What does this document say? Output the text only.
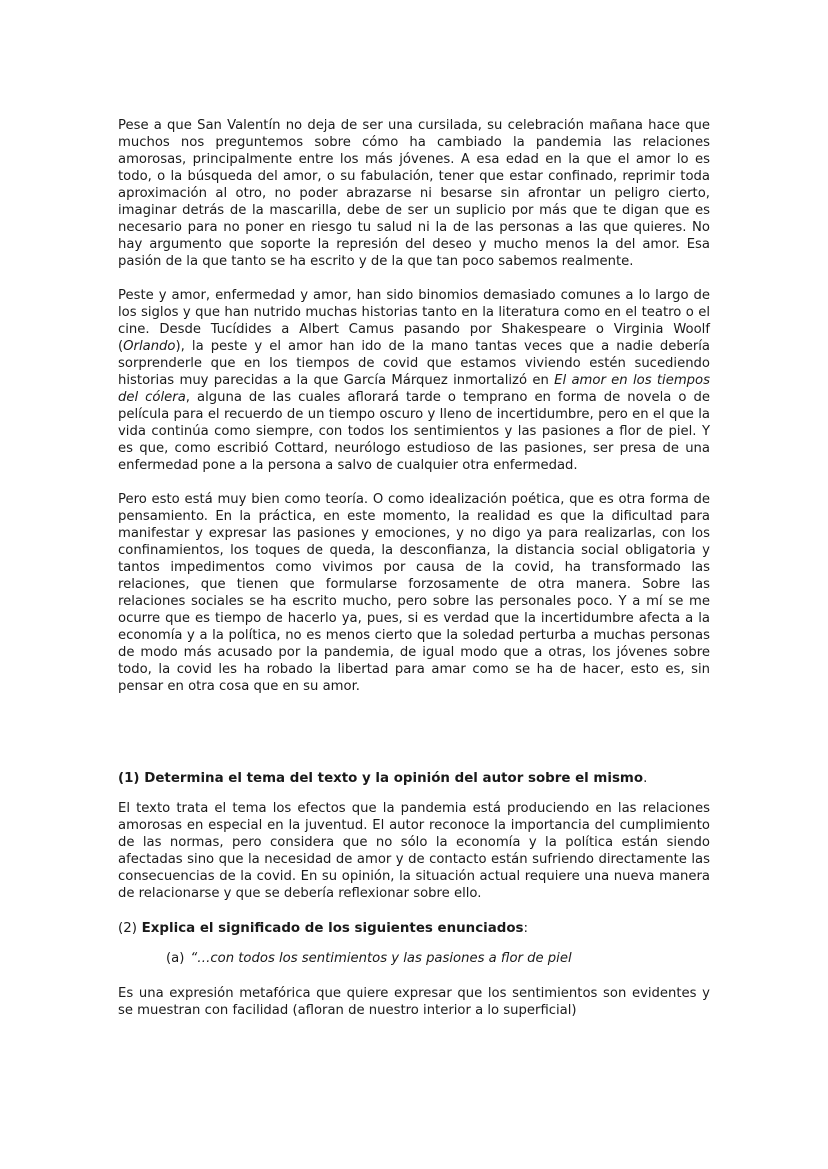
Pese a que San Valentín no deja de ser una cursilada, su celebración mañana hace que muchos nos preguntemos sobre cómo ha cambiado la pandemia las relaciones amorosas, principalmente entre los más jóvenes. A esa edad en la que el amor lo es todo, o la búsqueda del amor, o su fabulación, tener que estar confinado, reprimir toda aproximación al otro, no poder abrazarse ni besarse sin afrontar un peligro cierto, imaginar detrás de la mascarilla, debe de ser un suplicio por más que te digan que es necesario para no poner en riesgo tu salud ni la de las personas a las que quieres. No hay argumento que soporte la represión del deseo y mucho menos la del amor. Esa pasión de la que tanto se ha escrito y de la que tan poco sabemos realmente.

Peste y amor, enfermedad y amor, han sido binomios demasiado comunes a lo largo de los siglos y que han nutrido muchas historias tanto en la literatura como en el teatro o el cine. Desde Tucídides a Albert Camus pasando por Shakespeare o Virginia Woolf (Orlando), la peste y el amor han ido de la mano tantas veces que a nadie debería sorprenderle que en los tiempos de covid que estamos viviendo estén sucediendo historias muy parecidas a la que García Márquez inmortalizó en El amor en los tiempos del cólera, alguna de las cuales aflorará tarde o temprano en forma de novela o de película para el recuerdo de un tiempo oscuro y lleno de incertidumbre, pero en el que la vida continúa como siempre, con todos los sentimientos y las pasiones a flor de piel. Y es que, como escribió Cottard, neurólogo estudioso de las pasiones, ser presa de una enfermedad pone a la persona a salvo de cualquier otra enfermedad.

Pero esto está muy bien como teoría. O como idealización poética, que es otra forma de pensamiento. En la práctica, en este momento, la realidad es que la dificultad para manifestar y expresar las pasiones y emociones, y no digo ya para realizarlas, con los confinamientos, los toques de queda, la desconfianza, la distancia social obligatoria y tantos impedimentos como vivimos por causa de la covid, ha transformado las relaciones, que tienen que formularse forzosamente de otra manera. Sobre las relaciones sociales se ha escrito mucho, pero sobre las personales poco. Y a mí se me ocurre que es tiempo de hacerlo ya, pues, si es verdad que la incertidumbre afecta a la economía y a la política, no es menos cierto que la soledad perturba a muchas personas de modo más acusado por la pandemia, de igual modo que a otras, los jóvenes sobre todo, la covid les ha robado la libertad para amar como se ha de hacer, esto es, sin pensar en otra cosa que en su amor.

(1) Determina el tema del texto y la opinión del autor sobre el mismo.

El texto trata el tema los efectos que la pandemia está produciendo en las relaciones amorosas en especial en la juventud. El autor reconoce la importancia del cumplimiento de las normas, pero considera que no sólo la economía y la política están siendo afectadas sino que la necesidad de amor y de contacto están sufriendo directamente las consecuencias de la covid. En su opinión, la situación actual requiere una nueva manera de relacionarse y que se debería reflexionar sobre ello.

(2) Explica el significado de los siguientes enunciados:

(a) “…con todos los sentimientos y las pasiones a flor de piel

Es una expresión metafórica que quiere expresar que los sentimientos son evidentes y se muestran con facilidad (afloran de nuestro interior a lo superficial)
